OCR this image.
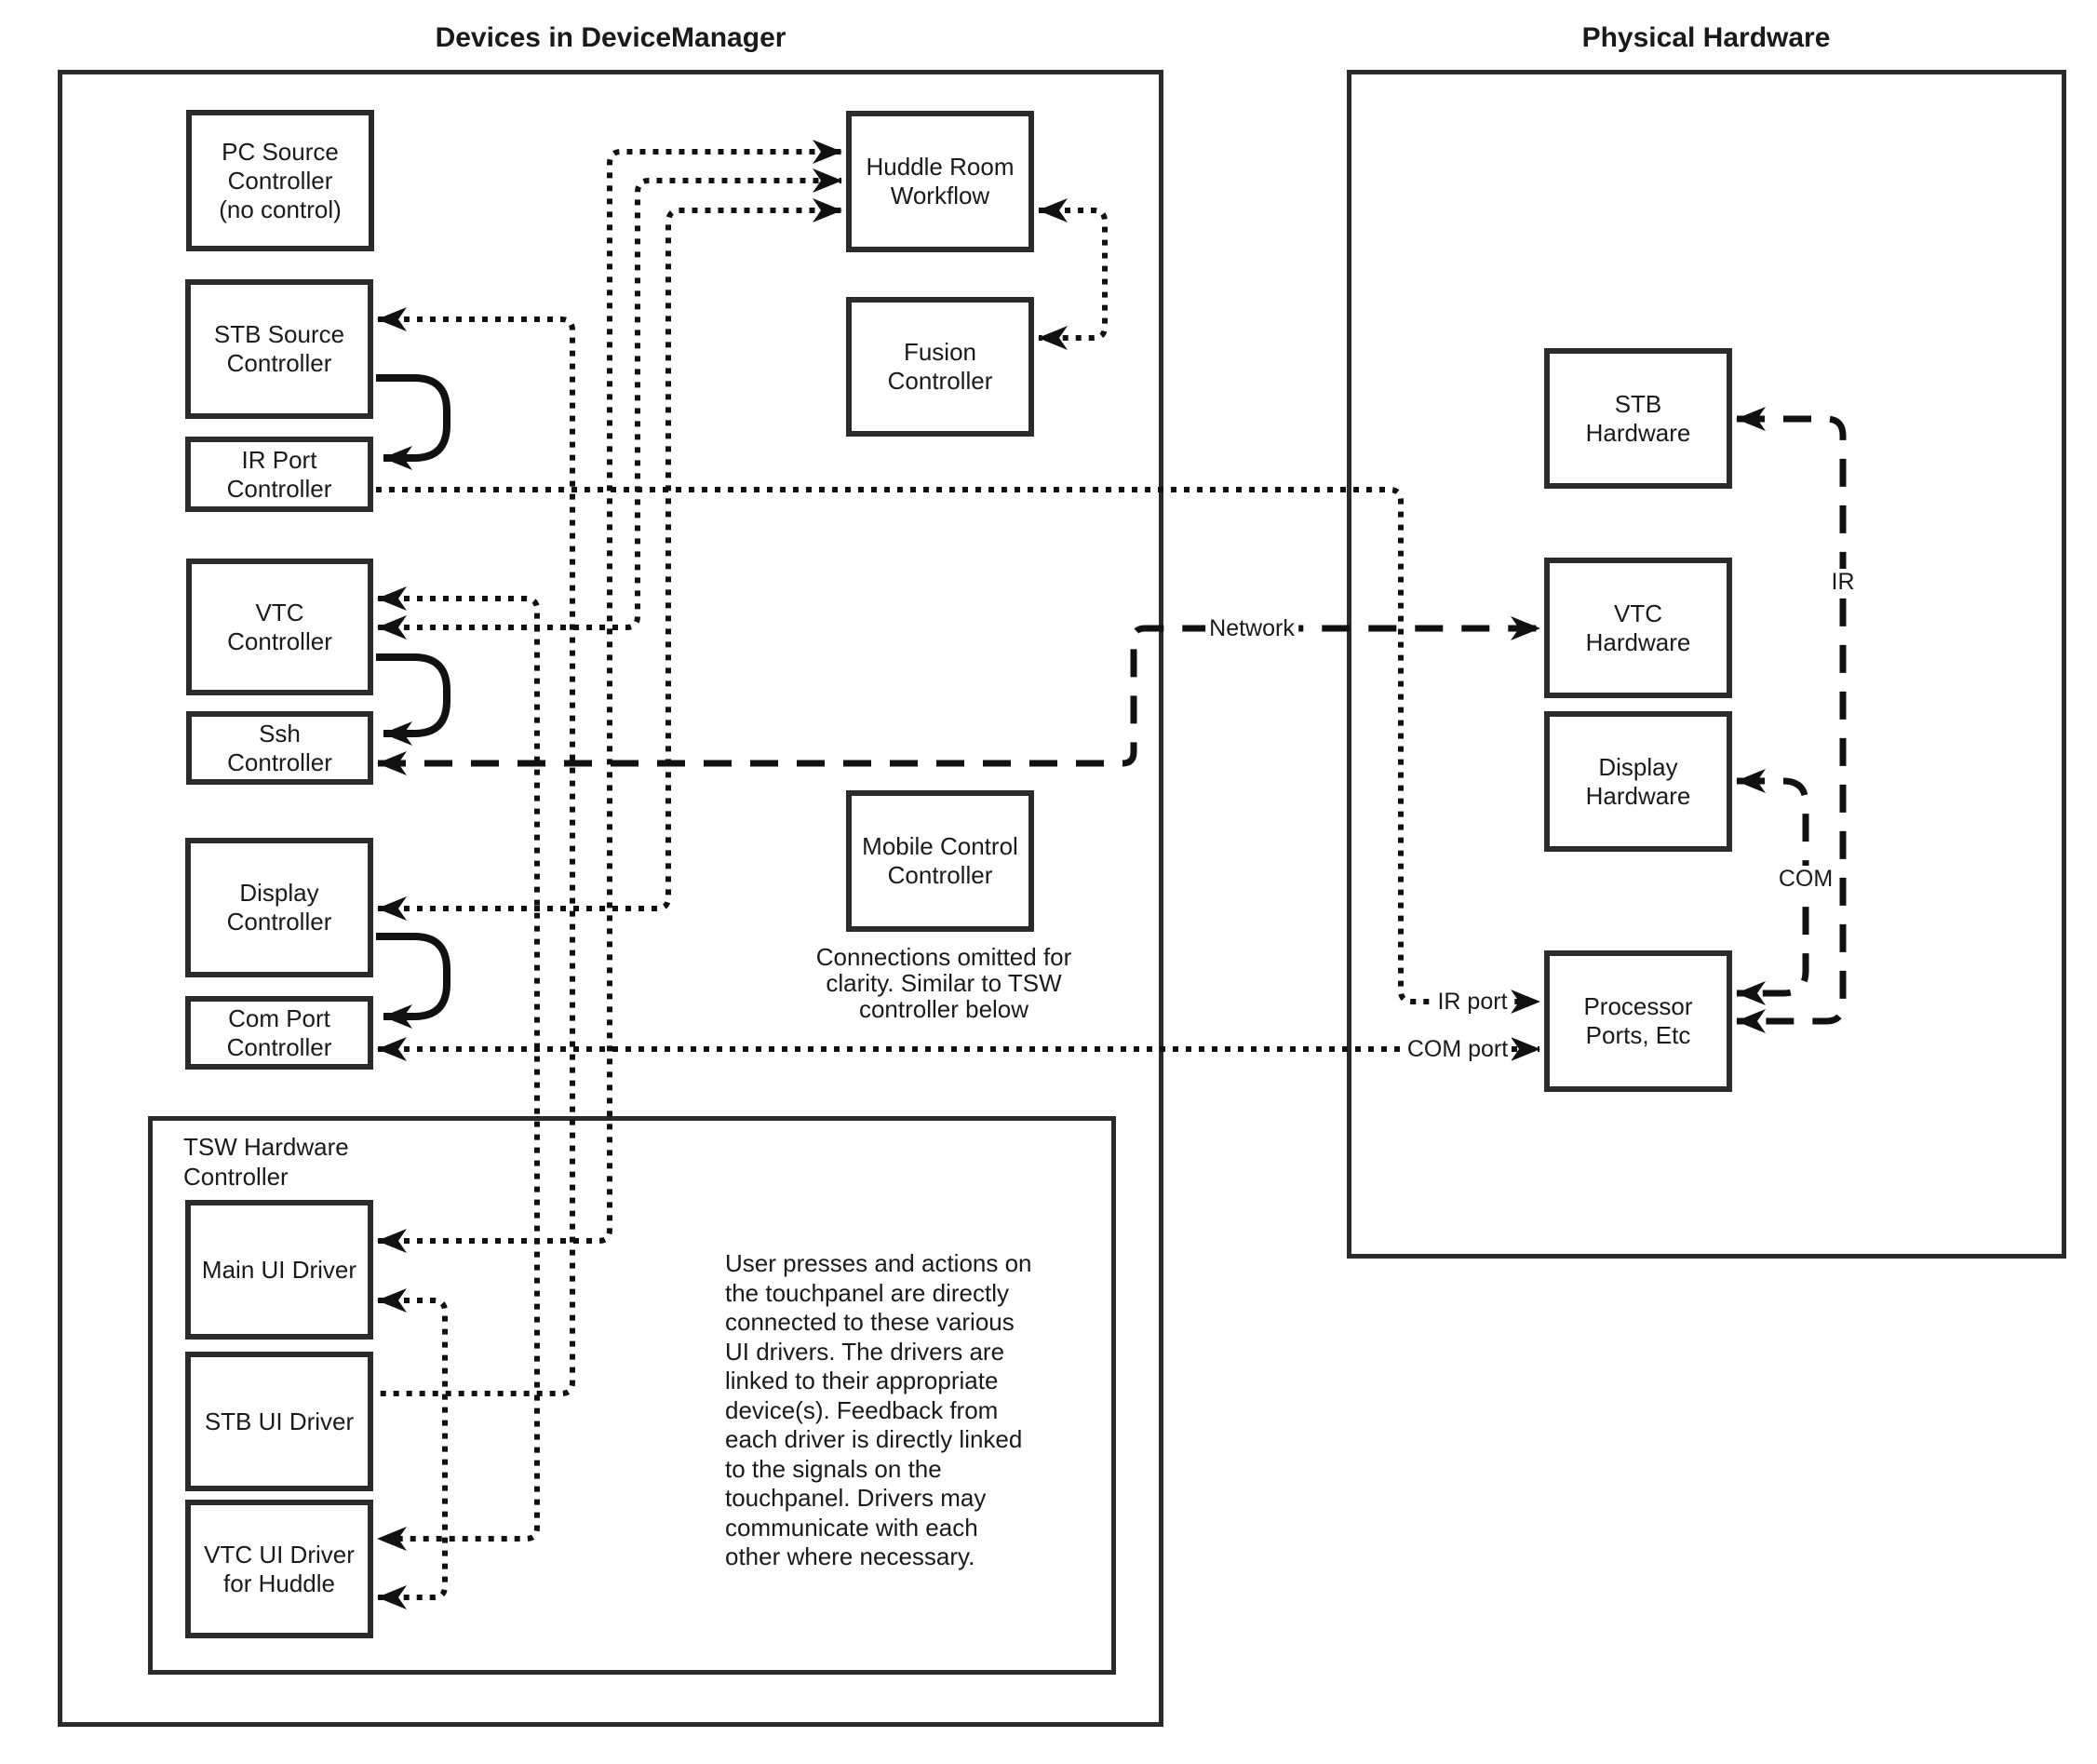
Devices in DeviceManager	Physical Hardware
TSW Hardware
Controller
PC Source
Controller
(no control)
STB Source
Controller
IR Port
Controller
VTC
Controller
Ssh
Controller
Display
Controller
Com Port
Controller
Main UI Driver
STB UI Driver
VTC UI Driver
for Huddle
Huddle Room
Workflow
Fusion
Controller
Mobile Control
Controller
STB
Hardware
VTC
Hardware
Display
Hardware
Processor
Ports, Etc
Connections omitted for
clarity. Similar to TSW
controller below
User presses and actions on
the touchpanel are directly
connected to these various
UI drivers. The drivers are
linked to their appropriate
device(s). Feedback from
each driver is directly linked
to the signals on the
touchpanel. Drivers may
communicate with each
other where necessary.
Network
IR
COM
IR port
COM port
